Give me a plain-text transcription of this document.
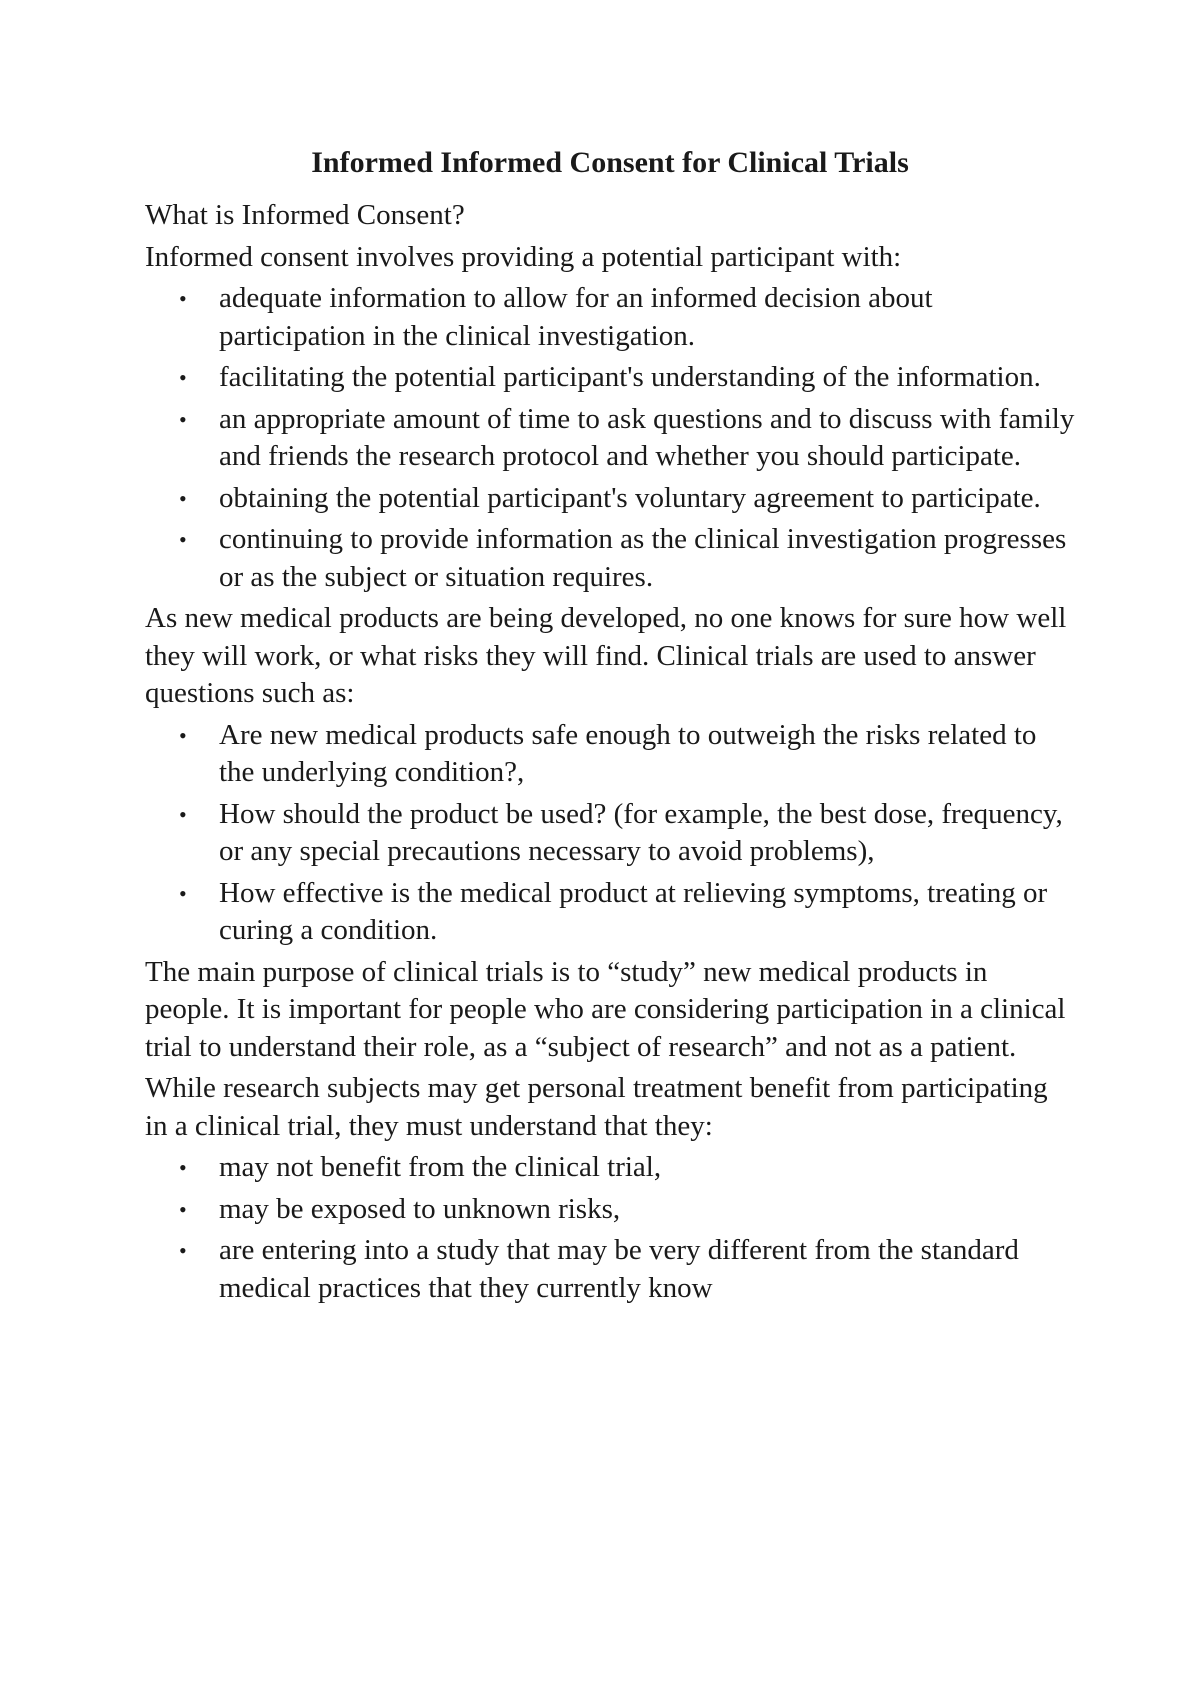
Informed Informed Consent for Clinical Trials

What is Informed Consent?

Informed consent involves providing a potential participant with:

• adequate information to allow for an informed decision about participation in the clinical investigation.
• facilitating the potential participant's understanding of the information.
• an appropriate amount of time to ask questions and to discuss with family and friends the research protocol and whether you should participate.
• obtaining the potential participant's voluntary agreement to participate.
• continuing to provide information as the clinical investigation progresses or as the subject or situation requires.

As new medical products are being developed, no one knows for sure how well they will work, or what risks they will find. Clinical trials are used to answer questions such as:

• Are new medical products safe enough to outweigh the risks related to the underlying condition?,
• How should the product be used? (for example, the best dose, frequency, or any special precautions necessary to avoid problems),
• How effective is the medical product at relieving symptoms, treating or curing a condition.

The main purpose of clinical trials is to “study” new medical products in people. It is important for people who are considering participation in a clinical trial to understand their role, as a “subject of research” and not as a patient.

While research subjects may get personal treatment benefit from participating in a clinical trial, they must understand that they:

• may not benefit from the clinical trial,
• may be exposed to unknown risks,
• are entering into a study that may be very different from the standard medical practices that they currently know
